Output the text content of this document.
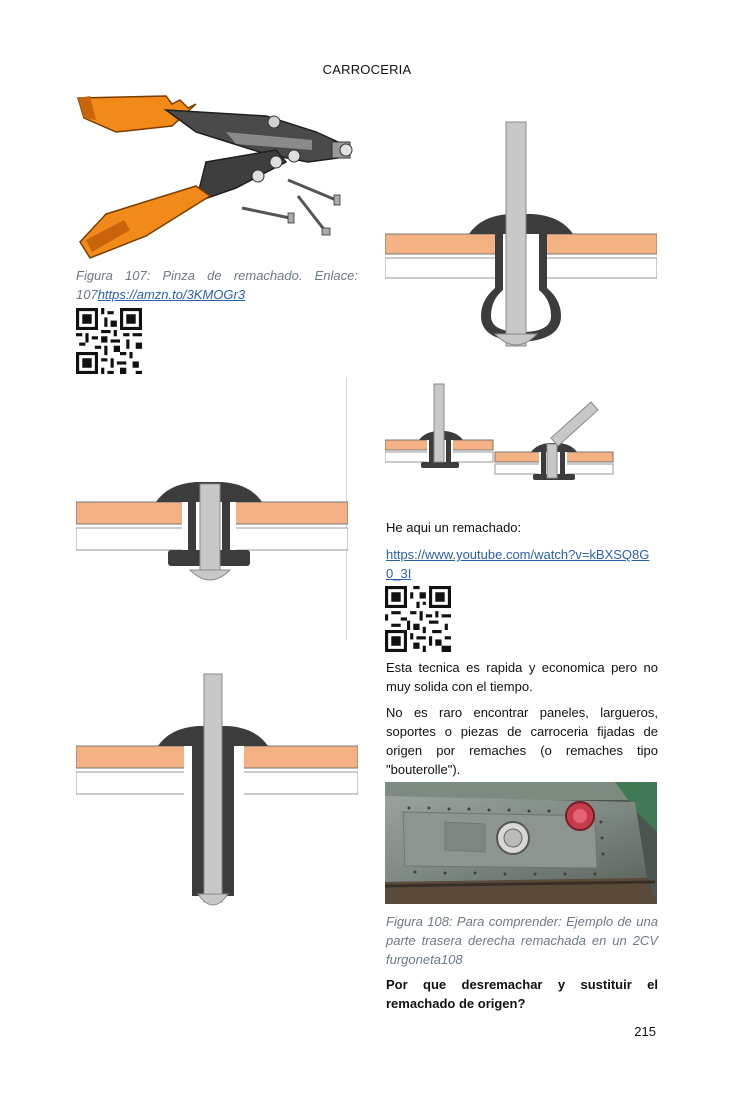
CARROCERIA
Figura 107: Pinza de remachado. Enlace: 107https://amzn.to/3KMOGr3
He aqui un remachado:
https://www.youtube.com/watch?v=kBXSQ8G0_3I
Esta tecnica es rapida y economica pero no muy solida con el tiempo.
No es raro encontrar paneles, largueros, soportes o piezas de carroceria fijadas de origen por remaches (o remaches tipo "bouterolle").
Figura 108: Para comprender: Ejemplo de una parte trasera derecha remachada en un 2CV furgoneta108
Por que desremachar y sustituir el remachado de origen?
215
